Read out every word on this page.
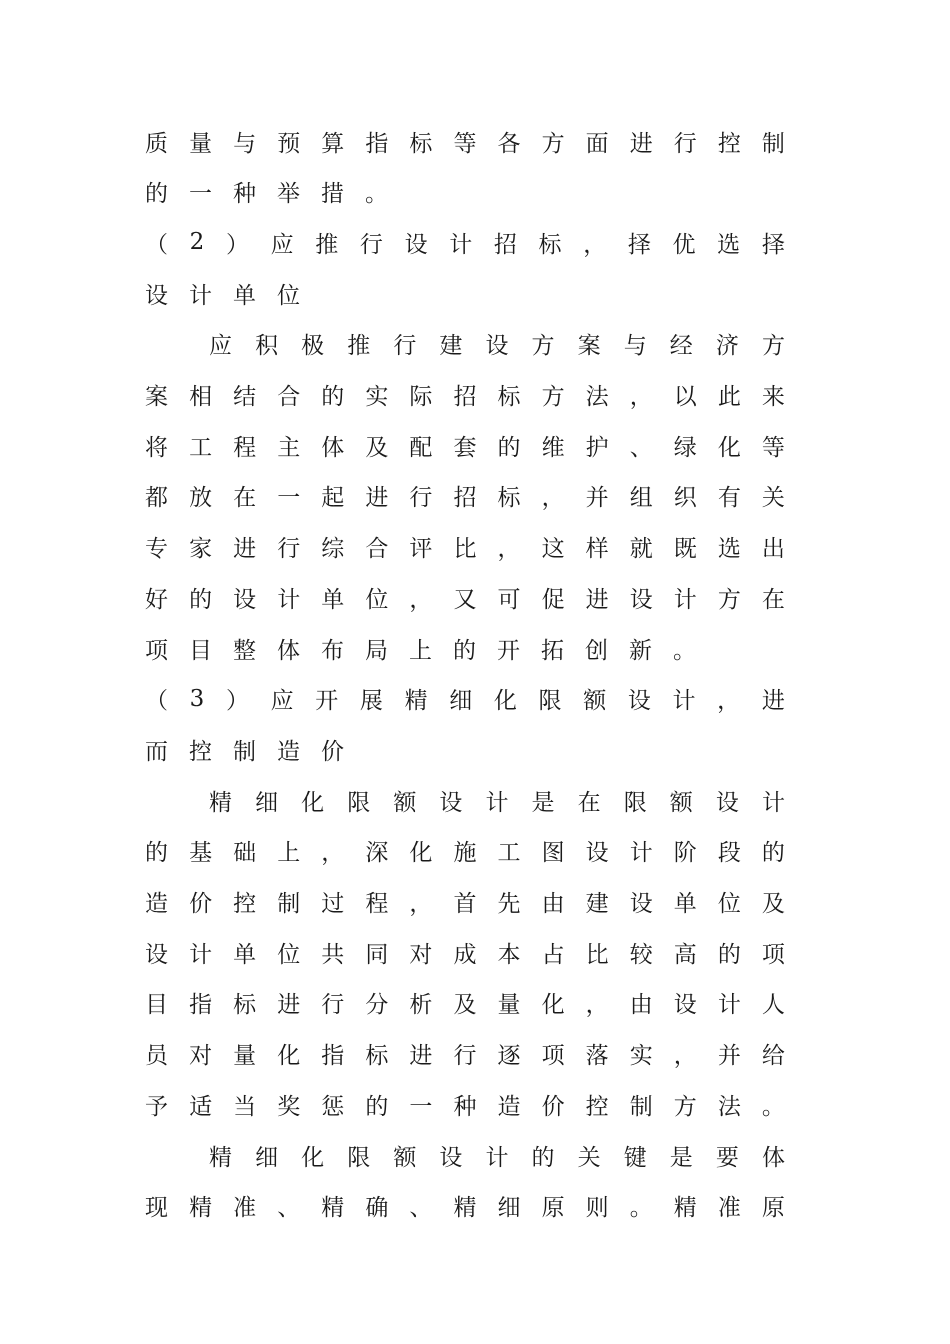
质 量 与 预 算 指 标 等 各 方 面 进 行 控 制
的 一 种 举 措 。
（ 2 ） 应 推 行 设 计 招 标 ， 择 优 选 择
设 计 单 位
应 积 极 推 行 建 设 方 案 与 经 济 方
案 相 结 合 的 实 际 招 标 方 法 ， 以 此 来
将 工 程 主 体 及 配 套 的 维 护 、 绿 化 等
都 放 在 一 起 进 行 招 标 ， 并 组 织 有 关
专 家 进 行 综 合 评 比 ， 这 样 就 既 选 出
好 的 设 计 单 位 ， 又 可 促 进 设 计 方 在
项 目 整 体 布 局 上 的 开 拓 创 新 。
（ 3 ） 应 开 展 精 细 化 限 额 设 计 ， 进
而 控 制 造 价
精 细 化 限 额 设 计 是 在 限 额 设 计
的 基 础 上 ， 深 化 施 工 图 设 计 阶 段 的
造 价 控 制 过 程 ， 首 先 由 建 设 单 位 及
设 计 单 位 共 同 对 成 本 占 比 较 高 的 项
目 指 标 进 行 分 析 及 量 化 ， 由 设 计 人
员 对 量 化 指 标 进 行 逐 项 落 实 ， 并 给
予 适 当 奖 惩 的 一 种 造 价 控 制 方 法 。
精 细 化 限 额 设 计 的 关 键 是 要 体
现 精 准 、 精 确 、 精 细 原 则 。 精 准 原
